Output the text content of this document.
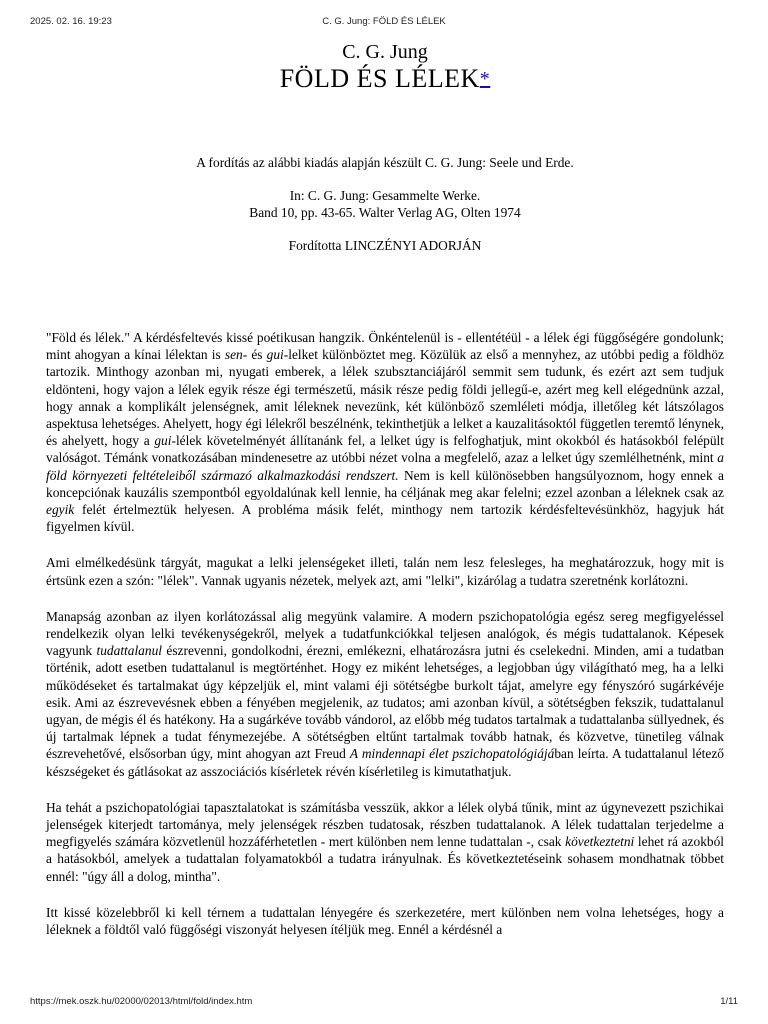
2025. 02. 16. 19:23	C. G. Jung: FÖLD ÉS LÉLEK
C. G. Jung
FÖLD ÉS LÉLEK*
A fordítás az alábbi kiadás alapján készült C. G. Jung: Seele und Erde.
In: C. G. Jung: Gesammelte Werke.
Band 10, pp. 43-65. Walter Verlag AG, Olten 1974
Fordította LINCZÉNYI ADORJÁN

"Föld és lélek." A kérdésfeltevés kissé poétikusan hangzik. Önkéntelenül is - ellentétéül - a lélek égi függőségére gondolunk; mint ahogyan a kínai lélektan is sen- és gui-lelket különböztet meg. Közülük az első a mennyhez, az utóbbi pedig a földhöz tartozik. Minthogy azonban mi, nyugati emberek, a lélek szubsztanciájáról semmit sem tudunk, és ezért azt sem tudjuk eldönteni, hogy vajon a lélek egyik része égi természetű, másik része pedig földi jellegű-e, azért meg kell elégednünk azzal, hogy annak a komplikált jelenségnek, amit léleknek nevezünk, két különböző szemléleti módja, illetőleg két látszólagos aspektusa lehetséges. Ahelyett, hogy égi lélekről beszélnénk, tekinthetjük a lelket a kauzalitásoktól független teremtő lénynek, és ahelyett, hogy a gui-lélek követelményét állítanánk fel, a lelket úgy is felfoghatjuk, mint okokból és hatásokból felépült valóságot. Témánk vonatkozásában mindenesetre az utóbbi nézet volna a megfelelő, azaz a lelket úgy szemlélhetnénk, mint a föld környezeti feltételeiből származó alkalmazkodási rendszert. Nem is kell különösebben hangsúlyoznom, hogy ennek a koncepciónak kauzális szempontból egyoldalúnak kell lennie, ha céljának meg akar felelni; ezzel azonban a léleknek csak az egyik felét értelmeztük helyesen. A probléma másik felét, minthogy nem tartozik kérdésfeltevésünkhöz, hagyjuk hát figyelmen kívül.

Ami elmélkedésünk tárgyát, magukat a lelki jelenségeket illeti, talán nem lesz felesleges, ha meghatározzuk, hogy mit is értsünk ezen a szón: "lélek". Vannak ugyanis nézetek, melyek azt, ami "lelki", kizárólag a tudatra szeretnénk korlátozni.

Manapság azonban az ilyen korlátozással alig megyünk valamire. A modern pszichopatológia egész sereg megfigyeléssel rendelkezik olyan lelki tevékenységekről, melyek a tudatfunkciókkal teljesen analógok, és mégis tudattalanok. Képesek vagyunk tudattalanul észrevenni, gondolkodni, érezni, emlékezni, elhatározásra jutni és cselekedni. Minden, ami a tudatban történik, adott esetben tudattalanul is megtörténhet. Hogy ez miként lehetséges, a legjobban úgy világítható meg, ha a lelki működéseket és tartalmakat úgy képzeljük el, mint valami éji sötétségbe burkolt tájat, amelyre egy fényszóró sugárkévéje esik. Ami az észrevevésnek ebben a fényében megjelenik, az tudatos; ami azonban kívül, a sötétségben fekszik, tudattalanul ugyan, de mégis él és hatékony. Ha a sugárkéve tovább vándorol, az előbb még tudatos tartalmak a tudattalanba süllyednek, és új tartalmak lépnek a tudat fénymezejébe. A sötétségben eltűnt tartalmak tovább hatnak, és közvetve, tünetileg válnak észrevehetővé, elsősorban úgy, mint ahogyan azt Freud A mindennapi élet pszichopatológiájában leírta. A tudattalanul létező készségeket és gátlásokat az asszociációs kísérletek révén kísérletileg is kimutathatjuk.

Ha tehát a pszichopatológiai tapasztalatokat is számításba vesszük, akkor a lélek olybá tűnik, mint az úgynevezett pszichikai jelenségek kiterjedt tartománya, mely jelenségek részben tudatosak, részben tudattalanok. A lélek tudattalan terjedelme a megfigyelés számára közvetlenül hozzáférhetetlen - mert különben nem lenne tudattalan -, csak következtetni lehet rá azokból a hatásokból, amelyek a tudattalan folyamatokból a tudatra irányulnak. És következtetéseink sohasem mondhatnak többet ennél: "úgy áll a dolog, mintha".

Itt kissé közelebbről ki kell térnem a tudattalan lényegére és szerkezetére, mert különben nem volna lehetséges, hogy a léleknek a földtől való függőségi viszonyát helyesen ítéljük meg. Ennél a kérdésnél a

https://mek.oszk.hu/02000/02013/html/fold/index.htm	1/11
